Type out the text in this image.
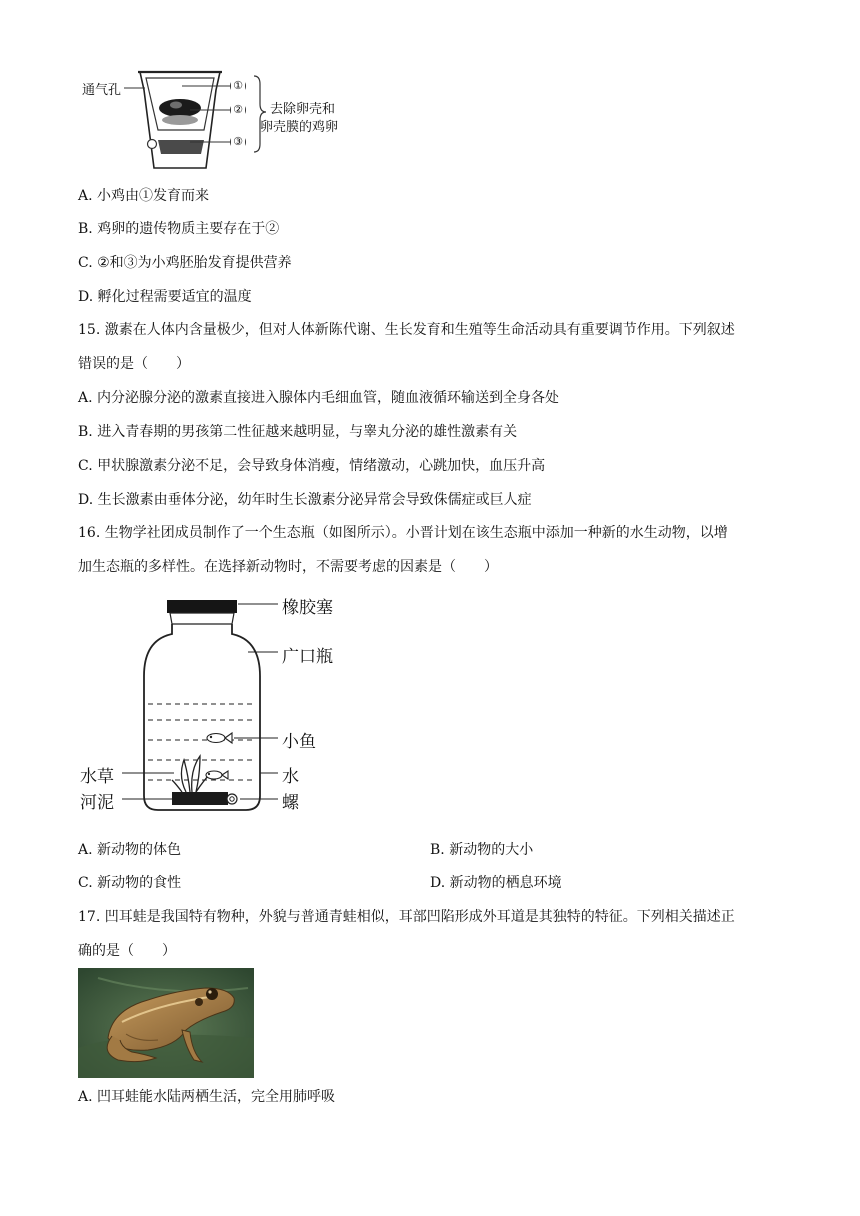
通气孔	①
②
③
去除卵壳和
卵壳膜的鸡卵
A. 小鸡由①发育而来
B. 鸡卵的遗传物质主要存在于②
C. ②和③为小鸡胚胎发育提供营养
D. 孵化过程需要适宜的温度
15. 激素在人体内含量极少，但对人体新陈代谢、生长发育和生殖等生命活动具有重要调节作用。下列叙述
错误的是（　　）
A. 内分泌腺分泌的激素直接进入腺体内毛细血管，随血液循环输送到全身各处
B. 进入青春期的男孩第二性征越来越明显，与睾丸分泌的雄性激素有关
C. 甲状腺激素分泌不足，会导致身体消瘦，情绪激动，心跳加快，血压升高
D. 生长激素由垂体分泌，幼年时生长激素分泌异常会导致侏儒症或巨人症
16. 生物学社团成员制作了一个生态瓶（如图所示）。小晋计划在该生态瓶中添加一种新的水生动物，以增
加生态瓶的多样性。在选择新动物时，不需要考虑的因素是（　　）
橡胶塞
广口瓶
小鱼
水
螺
水草
河泥
A. 新动物的体色	B. 新动物的大小
C. 新动物的食性	D. 新动物的栖息环境
17. 凹耳蛙是我国特有物种，外貌与普通青蛙相似，耳部凹陷形成外耳道是其独特的特征。下列相关描述正
确的是（　　）
A. 凹耳蛙能水陆两栖生活，完全用肺呼吸
